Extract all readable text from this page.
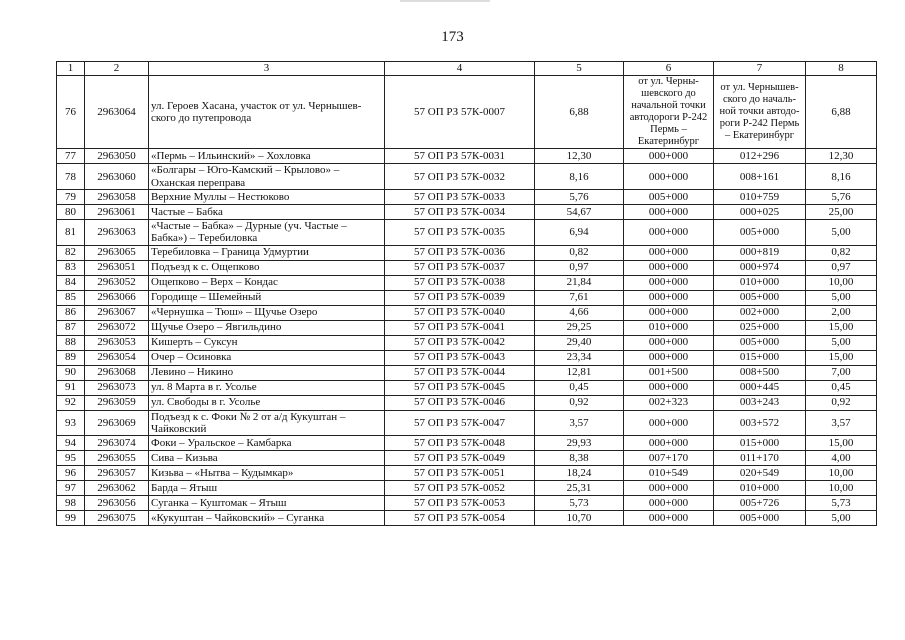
173
1	2	3	4	5	6	7	8
76	2963064	ул. Героев Хасана, участок от ул. Чернышев-ского до путепровода	57 ОП РЗ 57К-0007	6,88	от ул. Черны-шевского до начальной точки автодороги Р-242 Пермь – Екатеринбург	от ул. Чернышев-ского до началь-ной точки автодо-роги Р-242 Пермь – Екатеринбург	6,88
77	2963050	«Пермь – Ильинский» – Хохловка	57 ОП РЗ 57К-0031	12,30	000+000	012+296	12,30
78	2963060	«Болгары – Юго-Камский – Крылово» – Оханская переправа	57 ОП РЗ 57К-0032	8,16	000+000	008+161	8,16
79	2963058	Верхние Муллы – Нестюково	57 ОП РЗ 57К-0033	5,76	005+000	010+759	5,76
80	2963061	Частые – Бабка	57 ОП РЗ 57К-0034	54,67	000+000	000+025	25,00
81	2963063	«Частые – Бабка» – Дурные (уч. Частые – Бабка») – Теребиловка	57 ОП РЗ 57К-0035	6,94	000+000	005+000	5,00
82	2963065	Теребиловка – Граница Удмуртии	57 ОП РЗ 57К-0036	0,82	000+000	000+819	0,82
83	2963051	Подъезд к с. Ощепково	57 ОП РЗ 57К-0037	0,97	000+000	000+974	0,97
84	2963052	Ощепково – Верх – Кондас	57 ОП РЗ 57К-0038	21,84	000+000	010+000	10,00
85	2963066	Городище – Шемейный	57 ОП РЗ 57К-0039	7,61	000+000	005+000	5,00
86	2963067	«Чернушка – Тюш» – Щучье Озеро	57 ОП РЗ 57К-0040	4,66	000+000	002+000	2,00
87	2963072	Щучье Озеро – Явгильдино	57 ОП РЗ 57К-0041	29,25	010+000	025+000	15,00
88	2963053	Кишерть – Суксун	57 ОП РЗ 57К-0042	29,40	000+000	005+000	5,00
89	2963054	Очер – Осиновка	57 ОП РЗ 57К-0043	23,34	000+000	015+000	15,00
90	2963068	Левино – Никино	57 ОП РЗ 57К-0044	12,81	001+500	008+500	7,00
91	2963073	ул. 8 Марта в г. Усолье	57 ОП РЗ 57К-0045	0,45	000+000	000+445	0,45
92	2963059	ул. Свободы в г. Усолье	57 ОП РЗ 57К-0046	0,92	002+323	003+243	0,92
93	2963069	Подъезд к с. Фоки № 2 от а/д Кукуштан – Чайковский	57 ОП РЗ 57К-0047	3,57	000+000	003+572	3,57
94	2963074	Фоки – Уральское – Камбарка	57 ОП РЗ 57К-0048	29,93	000+000	015+000	15,00
95	2963055	Сива – Кизьва	57 ОП РЗ 57К-0049	8,38	007+170	011+170	4,00
96	2963057	Кизьва – «Нытва – Кудымкар»	57 ОП РЗ 57К-0051	18,24	010+549	020+549	10,00
97	2963062	Барда – Ятыш	57 ОП РЗ 57К-0052	25,31	000+000	010+000	10,00
98	2963056	Суганка – Куштомак – Ятыш	57 ОП РЗ 57К-0053	5,73	000+000	005+726	5,73
99	2963075	«Кукуштан – Чайковский» – Суганка	57 ОП РЗ 57К-0054	10,70	000+000	005+000	5,00
